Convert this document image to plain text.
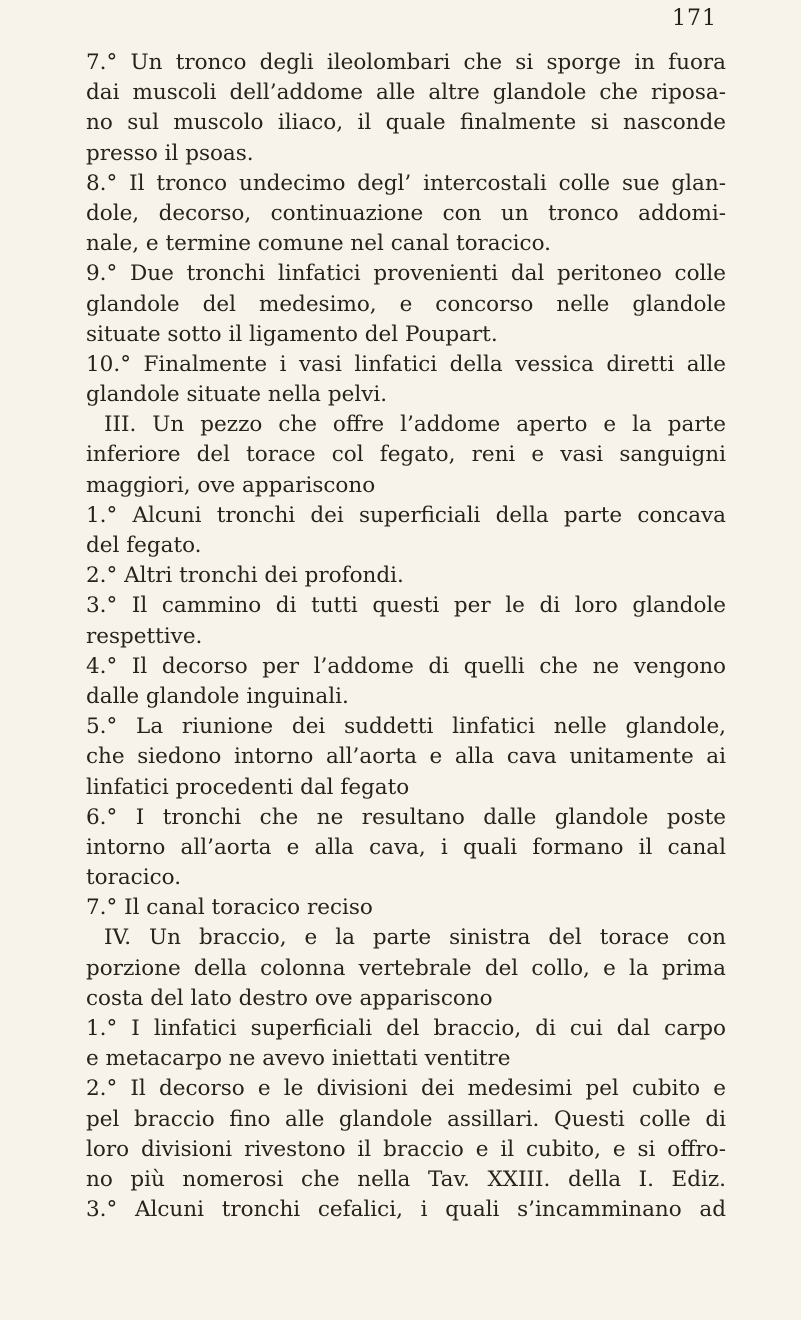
171
7.° Un tronco degli ileolombari che si sporge in fuora
dai muscoli dell’addome alle altre glandole che riposa-
no sul muscolo iliaco, il quale finalmente si nasconde
presso il psoas.
8.° Il tronco undecimo degl’ intercostali colle sue glan-
dole, decorso, continuazione con un tronco addomi-
nale, e termine comune nel canal toracico.
9.° Due tronchi linfatici provenienti dal peritoneo colle
glandole del medesimo, e concorso nelle glandole
situate sotto il ligamento del Poupart.
10.° Finalmente i vasi linfatici della vessica diretti alle
glandole situate nella pelvi.
III. Un pezzo che offre l’addome aperto e la parte
inferiore del torace col fegato, reni e vasi sanguigni
maggiori, ove appariscono
1.° Alcuni tronchi dei superficiali della parte concava
del fegato.
2.° Altri tronchi dei profondi.
3.° Il cammino di tutti questi per le di loro glandole
respettive.
4.° Il decorso per l’addome di quelli che ne vengono
dalle glandole inguinali.
5.° La riunione dei suddetti linfatici nelle glandole,
che siedono intorno all’aorta e alla cava unitamente ai
linfatici procedenti dal fegato
6.° I tronchi che ne resultano dalle glandole poste
intorno all’aorta e alla cava, i quali formano il canal
toracico.
7.° Il canal toracico reciso
IV. Un braccio, e la parte sinistra del torace con
porzione della colonna vertebrale del collo, e la prima
costa del lato destro ove appariscono
1.° I linfatici superficiali del braccio, di cui dal carpo
e metacarpo ne avevo iniettati ventitre
2.° Il decorso e le divisioni dei medesimi pel cubito e
pel braccio fino alle glandole assillari. Questi colle di
loro divisioni rivestono il braccio e il cubito, e si offro-
no più nomerosi che nella Tav. XXIII. della I. Ediz.
3.° Alcuni tronchi cefalici, i quali s’incamminano ad
